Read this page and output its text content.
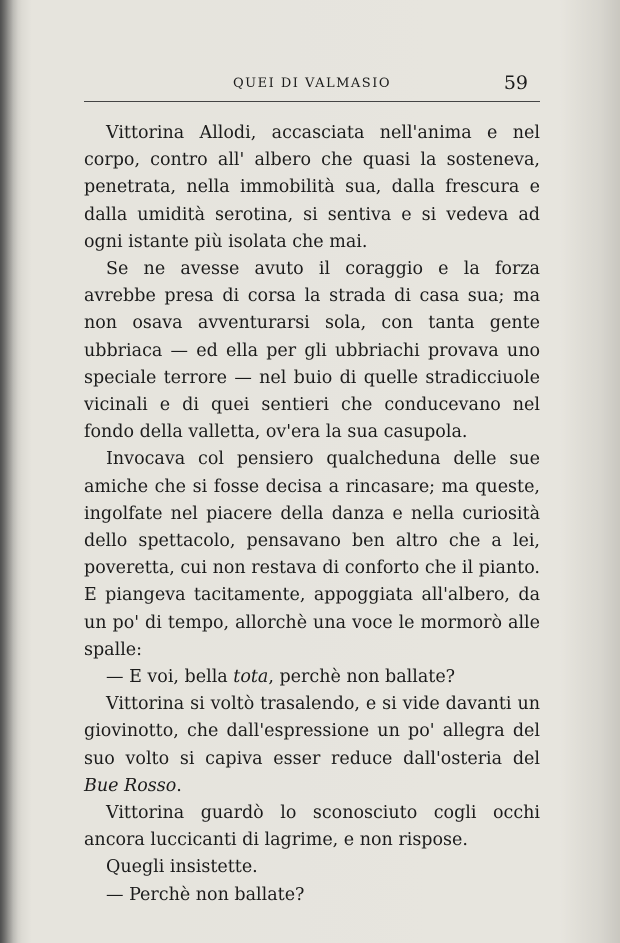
QUEI DI VALMASIO	59

Vittorina Allodi, accasciata nell'anima e nel corpo, contro all' albero che quasi la sosteneva, penetrata, nella immobilità sua, dalla frescura e dalla umidità serotina, si sentiva e si vedeva ad ogni istante più isolata che mai.

Se ne avesse avuto il coraggio e la forza avrebbe presa di corsa la strada di casa sua; ma non osava avventurarsi sola, con tanta gente ubbriaca — ed ella per gli ubbriachi provava uno speciale terrore — nel buio di quelle stradicciuole vicinali e di quei sentieri che conducevano nel fondo della valletta, ov'era la sua casupola.

Invocava col pensiero qualcheduna delle sue amiche che si fosse decisa a rincasare; ma queste, ingolfate nel piacere della danza e nella curiosità dello spettacolo, pensavano ben altro che a lei, poveretta, cui non restava di conforto che il pianto. E piangeva tacitamente, appoggiata all'albero, da un po' di tempo, allorchè una voce le mormorò alle spalle:

— E voi, bella tota, perchè non ballate?

Vittorina si voltò trasalendo, e si vide davanti un giovinotto, che dall'espressione un po' allegra del suo volto si capiva esser reduce dall'osteria del Bue Rosso.

Vittorina guardò lo sconosciuto cogli occhi ancora luccicanti di lagrime, e non rispose.

Quegli insistette.

— Perchè non ballate?
